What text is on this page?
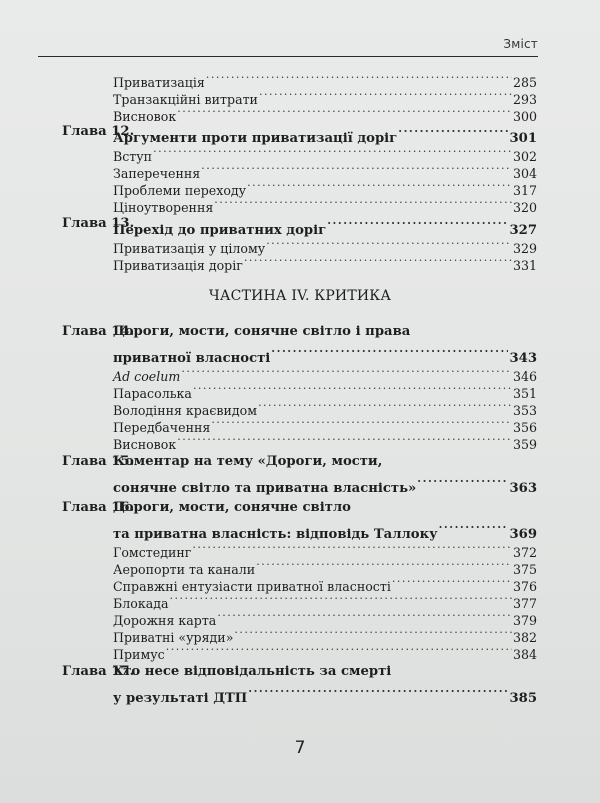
Зміст
Приватизація .....	285
Транзакційні витрати .....	293
Висновок .....	300
Глава 12.
Аргументи проти приватизації доріг .....	301
Вступ .....	302
Заперечення .....	304
Проблеми переходу .....	317
Ціноутворення .....	320
Глава 13.
Перехід до приватних доріг .....	327
Приватизація у цілому .....	329
Приватизація доріг .....	331
ЧАСТИНА IV. КРИТИКА
Глава 14.
Дороги, мости, сонячне світло і права
приватної власності .....	343
Ad coelum .....	346
Парасолька .....	351
Володіння краєвидом .....	353
Передбачення .....	356
Висновок .....	359
Глава 15.
Коментар на тему «Дороги, мости,
сонячне світло та приватна власність» .....	363
Глава 16.
Дороги, мости, сонячне світло
та приватна власність: відповідь Таллоку .....	369
Гомстединг .....	372
Аеропорти та канали .....	375
Справжні ентузіасти приватної власності .....	376
Блокада .....	377
Дорожня карта .....	379
Приватні «уряди» .....	382
Примус .....	384
Глава 17.
Хто несе відповідальність за смерті
у результаті ДТП .....	385
7
